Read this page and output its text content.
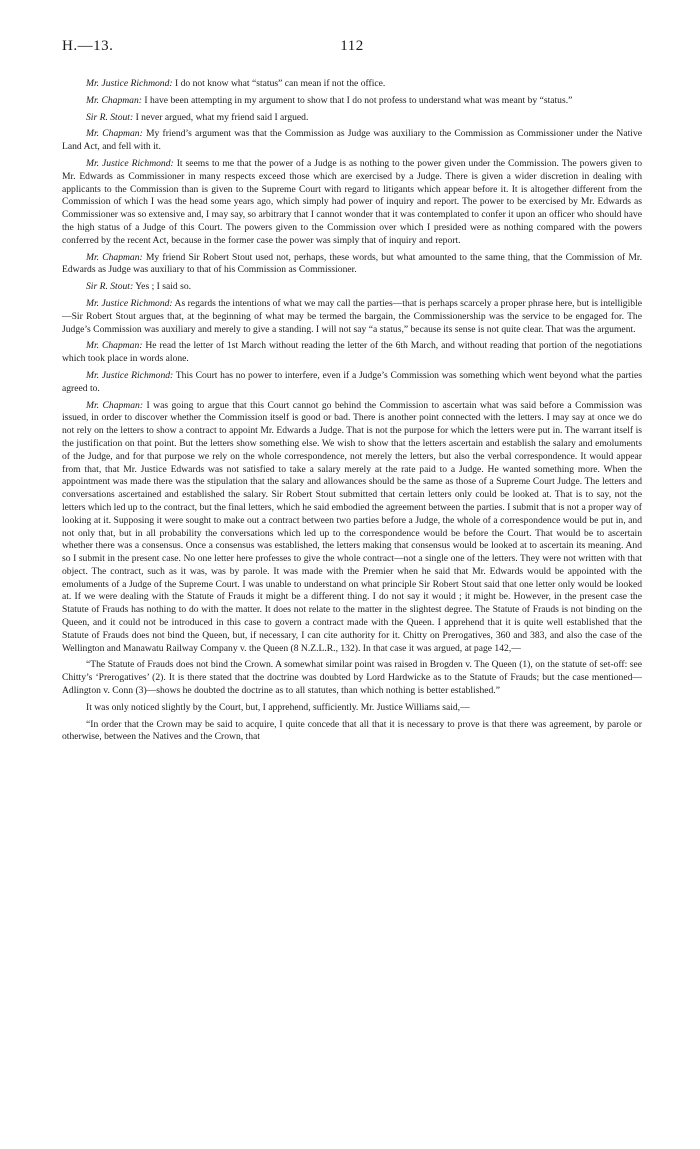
H.—13.	112

Mr. Justice Richmond: I do not know what “status” can mean if not the office.

Mr. Chapman: I have been attempting in my argument to show that I do not profess to understand what was meant by “status.”

Sir R. Stout: I never argued, what my friend said I argued.

Mr. Chapman: My friend’s argument was that the Commission as Judge was auxiliary to the Commission as Commissioner under the Native Land Act, and fell with it.

Mr. Justice Richmond: It seems to me that the power of a Judge is as nothing to the power given under the Commission. The powers given to Mr. Edwards as Commissioner in many respects exceed those which are exercised by a Judge. There is given a wider discretion in dealing with applicants to the Commission than is given to the Supreme Court with regard to litigants which appear before it. It is altogether different from the Commission of which I was the head some years ago, which simply had power of inquiry and report. The power to be exercised by Mr. Edwards as Commissioner was so extensive and, I may say, so arbitrary that I cannot wonder that it was contemplated to confer it upon an officer who should have the high status of a Judge of this Court. The powers given to the Commission over which I presided were as nothing compared with the powers conferred by the recent Act, because in the former case the power was simply that of inquiry and report.

Mr. Chapman: My friend Sir Robert Stout used not, perhaps, these words, but what amounted to the same thing, that the Commission of Mr. Edwards as Judge was auxiliary to that of his Commission as Commissioner.

Sir R. Stout: Yes ; I said so.

Mr. Justice Richmond: As regards the intentions of what we may call the parties—that is perhaps scarcely a proper phrase here, but is intelligible—Sir Robert Stout argues that, at the beginning of what may be termed the bargain, the Commissionership was the service to be engaged for. The Judge’s Commission was auxiliary and merely to give a standing. I will not say “a status,” because its sense is not quite clear. That was the argument.

Mr. Chapman: He read the letter of 1st March without reading the letter of the 6th March, and without reading that portion of the negotiations which took place in words alone.

Mr. Justice Richmond: This Court has no power to interfere, even if a Judge’s Commission was something which went beyond what the parties agreed to.

Mr. Chapman: I was going to argue that this Court cannot go behind the Commission to ascertain what was said before a Commission was issued, in order to discover whether the Commission itself is good or bad. There is another point connected with the letters. I may say at once we do not rely on the letters to show a contract to appoint Mr. Edwards a Judge. That is not the purpose for which the letters were put in. The warrant itself is the justification on that point. But the letters show something else. We wish to show that the letters ascertain and establish the salary and emoluments of the Judge, and for that purpose we rely on the whole correspondence, not merely the letters, but also the verbal correspondence. It would appear from that, that Mr. Justice Edwards was not satisfied to take a salary merely at the rate paid to a Judge. He wanted something more. When the appointment was made there was the stipulation that the salary and allowances should be the same as those of a Supreme Court Judge. The letters and conversations ascertained and established the salary. Sir Robert Stout submitted that certain letters only could be looked at. That is to say, not the letters which led up to the contract, but the final letters, which he said embodied the agreement between the parties. I submit that is not a proper way of looking at it. Supposing it were sought to make out a contract between two parties before a Judge, the whole of a correspondence would be put in, and not only that, but in all probability the conversations which led up to the correspondence would be before the Court. That would be to ascertain whether there was a consensus. Once a consensus was established, the letters making that consensus would be looked at to ascertain its meaning. And so I submit in the present case. No one letter here professes to give the whole contract—not a single one of the letters. They were not written with that object. The contract, such as it was, was by parole. It was made with the Premier when he said that Mr. Edwards would be appointed with the emoluments of a Judge of the Supreme Court. I was unable to understand on what principle Sir Robert Stout said that one letter only would be looked at. If we were dealing with the Statute of Frauds it might be a different thing. I do not say it would ; it might be. However, in the present case the Statute of Frauds has nothing to do with the matter. It does not relate to the matter in the slightest degree. The Statute of Frauds is not binding on the Queen, and it could not be introduced in this case to govern a contract made with the Queen. I apprehend that it is quite well established that the Statute of Frauds does not bind the Queen, but, if necessary, I can cite authority for it. Chitty on Prerogatives, 360 and 383, and also the case of the Wellington and Manawatu Railway Company v. the Queen (8 N.Z.L.R., 132). In that case it was argued, at page 142,—

“The Statute of Frauds does not bind the Crown. A somewhat similar point was raised in Brogden v. The Queen (1), on the statute of set-off: see Chitty’s ‘Prerogatives’ (2). It is there stated that the doctrine was doubted by Lord Hardwicke as to the Statute of Frauds; but the case mentioned—Adlington v. Conn (3)—shows he doubted the doctrine as to all statutes, than which nothing is better established.”

It was only noticed slightly by the Court, but, I apprehend, sufficiently. Mr. Justice Williams said,—

“In order that the Crown may be said to acquire, I quite concede that all that it is necessary to prove is that there was agreement, by parole or otherwise, between the Natives and the Crown, that
